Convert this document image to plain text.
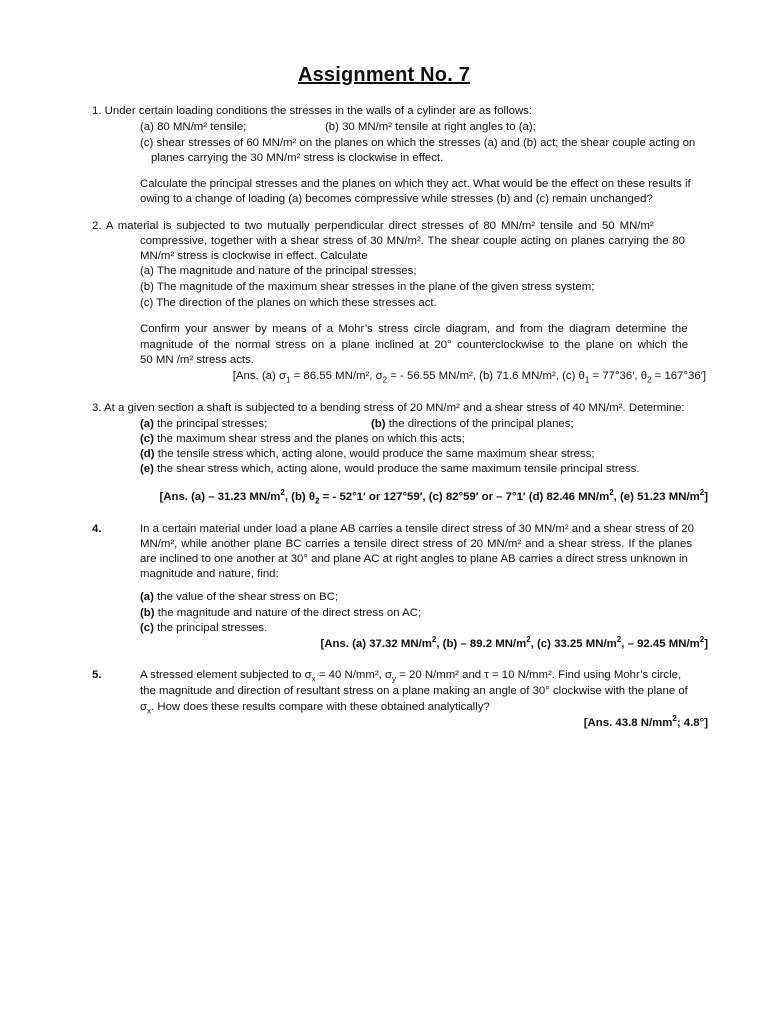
Assignment No. 7
1. Under certain loading conditions the stresses in the walls of a cylinder are as follows:
(a) 80 MN/m² tensile;	(b) 30 MN/m² tensile at right angles to (a);
(c) shear stresses of 60 MN/m² on the planes on which the stresses (a) and (b) act; the shear couple acting on
planes carrying the 30 MN/m² stress is clockwise in effect.
Calculate the principal stresses and the planes on which they act. What would be the effect on these results if
owing to a change of loading (a) becomes compressive while stresses (b) and (c) remain unchanged?
2. A material is subjected to two mutually perpendicular direct stresses of 80 MN/m² tensile and 50 MN/m²
compressive, together with a shear stress of 30 MN/m². The shear couple acting on planes carrying the 80
MN/m² stress is clockwise in effect. Calculate
(a) The magnitude and nature of the principal stresses;
(b) The magnitude of the maximum shear stresses in the plane of the given stress system;
(c) The direction of the planes on which these stresses act.
Confirm your answer by means of a Mohr’s stress circle diagram, and from the diagram determine the
magnitude of the normal stress on a plane inclined at 20° counterclockwise to the plane on which the
50 MN /m² stress acts.
[Ans. (a) $\sigma_1 = 86.55$ MN/m², $\sigma_2$ = - 56.55 MN/m², (b) 71.6 MN/m², (c) $\theta_1 = 77^\circ 36'$, $\theta_2 = 167^\circ 36'$]
3. At a given section a shaft is subjected to a bending stress of 20 MN/m² and a shear stress of 40 MN/m². Determine:
(a) the principal stresses;	(b) the directions of the principal planes;
(c) the maximum shear stress and the planes on which this acts;
(d) the tensile stress which, acting alone, would produce the same maximum shear stress;
(e) the shear stress which, acting alone, would produce the same maximum tensile principal stress.
[Ans. (a) – 31.23 $MN/m^2$, (b) $\theta_2$ = - 52°1′ or 127°59′, (c) 82°59′ or – 7°1′ (d) 82.46 $MN/m^2$, (e) 51.23 $MN/m^2$]
4.	In a certain material under load a plane AB carries a tensile direct stress of 30 MN/m² and a shear stress of 20
MN/m², while another plane BC carries a tensile direct stress of 20 MN/m² and a shear stress. If the planes
are inclined to one another at 30° and plane AC at right angles to plane AB carries a direct stress unknown in
magnitude and nature, find:
(a) the value of the shear stress on BC;
(b) the magnitude and nature of the direct stress on AC;
(c) the principal stresses.
[Ans. (a) 37.32 $MN/m^2$, (b) – 89.2 $MN/m^2$, (c) 33.25 $MN/m^2$, – 92.45 $MN/m^2$]
5.	A stressed element subjected to $\sigma_x = 40$ N/mm², $\sigma_y = 20$ N/mm² and τ = 10 N/mm². Find using Mohr’s circle,
the magnitude and direction of resultant stress on a plane making an angle of 30° clockwise with the plane of
$\sigma_x$. How does these results compare with these obtained analytically?
[Ans. 43.8 $N/mm^2$; 4.8°]
